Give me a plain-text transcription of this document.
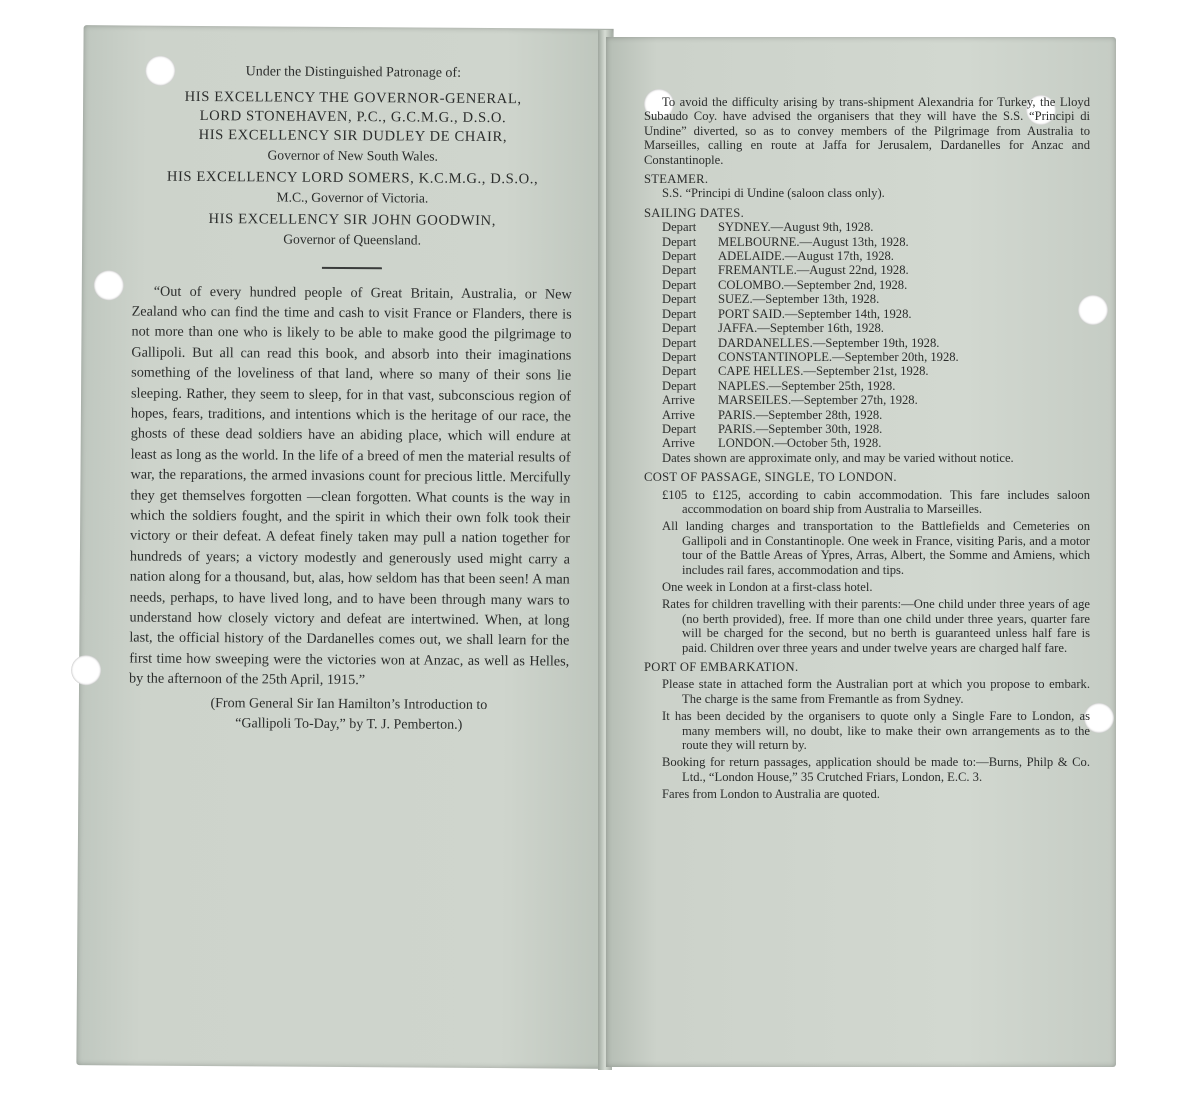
Under the Distinguished Patronage of:
HIS EXCELLENCY THE GOVERNOR-GENERAL,
LORD STONEHAVEN, P.C., G.C.M.G., D.S.O.
HIS EXCELLENCY SIR DUDLEY DE CHAIR,
Governor of New South Wales.
HIS EXCELLENCY LORD SOMERS, K.C.M.G., D.S.O.,
M.C., Governor of Victoria.
HIS EXCELLENCY SIR JOHN GOODWIN,
Governor of Queensland.

“Out of every hundred people of Great Britain, Australia, or New Zealand who can find the time and cash to visit France or Flanders, there is not more than one who is likely to be able to make good the pilgrimage to Gallipoli. But all can read this book, and absorb into their imaginations something of the loveliness of that land, where so many of their sons lie sleeping. Rather, they seem to sleep, for in that vast, subconscious region of hopes, fears, traditions, and intentions which is the heritage of our race, the ghosts of these dead soldiers have an abiding place, which will endure at least as long as the world. In the life of a breed of men the material results of war, the reparations, the armed invasions count for precious little. Mercifully they get themselves forgotten —clean forgotten. What counts is the way in which the soldiers fought, and the spirit in which their own folk took their victory or their defeat. A defeat finely taken may pull a nation together for hundreds of years; a victory modestly and generously used might carry a nation along for a thousand, but, alas, how seldom has that been seen! A man needs, perhaps, to have lived long, and to have been through many wars to understand how closely victory and defeat are intertwined. When, at long last, the official history of the Dardanelles comes out, we shall learn for the first time how sweeping were the victories won at Anzac, as well as Helles, by the afternoon of the 25th April, 1915.”

(From General Sir Ian Hamilton’s Introduction to
“Gallipoli To-Day,” by T. J. Pemberton.)

To avoid the difficulty arising by trans-shipment Alexandria for Turkey, the Lloyd Subaudo Coy. have advised the organisers that they will have the S.S. “Principi di Undine” diverted, so as to convey members of the Pilgrimage from Australia to Marseilles, calling en route at Jaffa for Jerusalem, Dardanelles for Anzac and Constantinople.

STEAMER.

S.S. “Principi di Undine (saloon class only).

SAILING DATES.
Depart	SYDNEY.—August 9th, 1928.
Depart	MELBOURNE.—August 13th, 1928.
Depart	ADELAIDE.—August 17th, 1928.
Depart	FREMANTLE.—August 22nd, 1928.
Depart	COLOMBO.—September 2nd, 1928.
Depart	SUEZ.—September 13th, 1928.
Depart	PORT SAID.—September 14th, 1928.
Depart	JAFFA.—September 16th, 1928.
Depart	DARDANELLES.—September 19th, 1928.
Depart	CONSTANTINOPLE.—September 20th, 1928.
Depart	CAPE HELLES.—September 21st, 1928.
Depart	NAPLES.—September 25th, 1928.
Arrive	MARSEILES.—September 27th, 1928.
Arrive	PARIS.—September 28th, 1928.
Depart	PARIS.—September 30th, 1928.
Arrive	LONDON.—October 5th, 1928.

Dates shown are approximate only, and may be varied without notice.

COST OF PASSAGE, SINGLE, TO LONDON.

£105 to £125, according to cabin accommodation. This fare includes saloon accommodation on board ship from Australia to Marseilles.

All landing charges and transportation to the Battlefields and Cemeteries on Gallipoli and in Constantinople. One week in France, visiting Paris, and a motor tour of the Battle Areas of Ypres, Arras, Albert, the Somme and Amiens, which includes rail fares, accommodation and tips.

One week in London at a first-class hotel.

Rates for children travelling with their parents:—One child under three years of age (no berth provided), free. If more than one child under three years, quarter fare will be charged for the second, but no berth is guaranteed unless half fare is paid. Children over three years and under twelve years are charged half fare.

PORT OF EMBARKATION.

Please state in attached form the Australian port at which you propose to embark. The charge is the same from Fremantle as from Sydney.

It has been decided by the organisers to quote only a Single Fare to London, as many members will, no doubt, like to make their own arrangements as to the route they will return by.

Booking for return passages, application should be made to:—Burns, Philp & Co. Ltd., “London House,” 35 Crutched Friars, London, E.C. 3.

Fares from London to Australia are quoted.
